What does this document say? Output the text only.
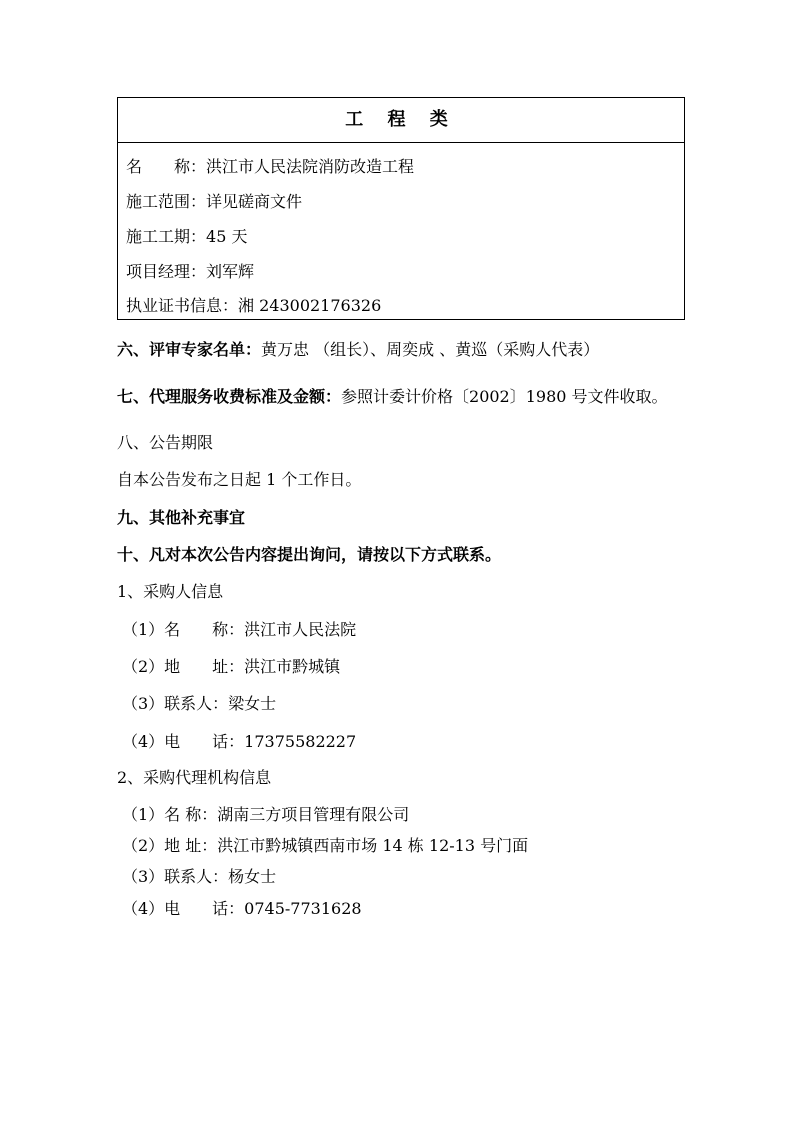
工 程 类
名　　称：洪江市人民法院消防改造工程
施工范围：详见磋商文件
施工工期：45 天
项目经理：刘军辉
执业证书信息：湘 243002176326
六、评审专家名单：黄万忠 （组长）、周奕成 、黄巡（采购人代表）
七、代理服务收费标准及金额：参照计委计价格〔2002〕1980 号文件收取。
八、公告期限
自本公告发布之日起 1 个工作日。
九、其他补充事宜
十、凡对本次公告内容提出询问，请按以下方式联系。
1、采购人信息
（1）名　　称：洪江市人民法院
（2）地　　址：洪江市黔城镇
（3）联系人：梁女士
（4）电　　话：17375582227
2、采购代理机构信息
（1）名 称：湖南三方项目管理有限公司
（2）地 址：洪江市黔城镇西南市场 14 栋 12-13 号门面
（3）联系人：杨女士
（4）电　　话：0745-7731628
